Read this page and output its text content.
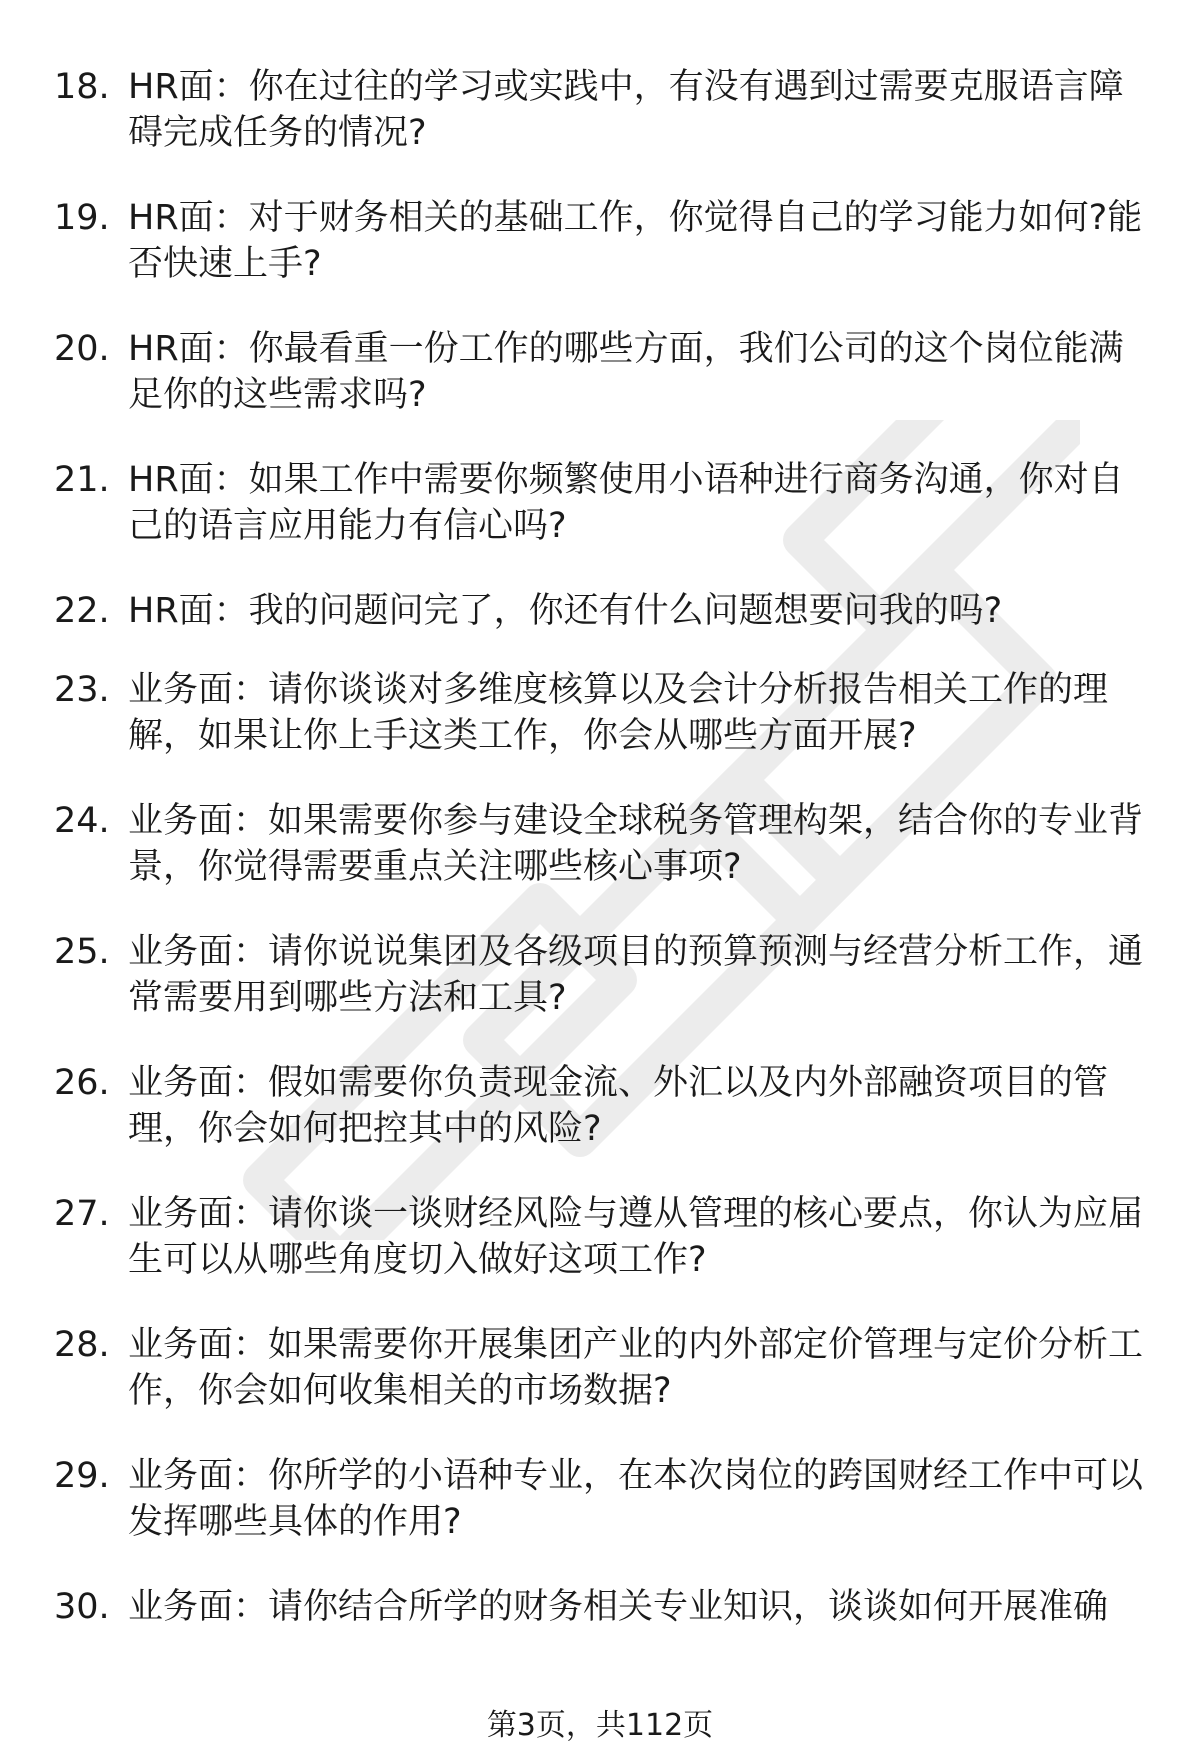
18. HR面：你在过往的学习或实践中，有没有遇到过需要克服语言障碍完成任务的情况?
19. HR面：对于财务相关的基础工作，你觉得自己的学习能力如何?能否快速上手?
20. HR面：你最看重一份工作的哪些方面，我们公司的这个岗位能满足你的这些需求吗?
21. HR面：如果工作中需要你频繁使用小语种进行商务沟通，你对自己的语言应用能力有信心吗?
22. HR面：我的问题问完了，你还有什么问题想要问我的吗?
23. 业务面：请你谈谈对多维度核算以及会计分析报告相关工作的理解，如果让你上手这类工作，你会从哪些方面开展?
24. 业务面：如果需要你参与建设全球税务管理构架，结合你的专业背景，你觉得需要重点关注哪些核心事项?
25. 业务面：请你说说集团及各级项目的预算预测与经营分析工作，通常需要用到哪些方法和工具?
26. 业务面：假如需要你负责现金流、外汇以及内外部融资项目的管理，你会如何把控其中的风险?
27. 业务面：请你谈一谈财经风险与遵从管理的核心要点，你认为应届生可以从哪些角度切入做好这项工作?
28. 业务面：如果需要你开展集团产业的内外部定价管理与定价分析工作，你会如何收集相关的市场数据?
29. 业务面：你所学的小语种专业，在本次岗位的跨国财经工作中可以发挥哪些具体的作用?
30. 业务面：请你结合所学的财务相关专业知识，谈谈如何开展准确
第3页，共112页
